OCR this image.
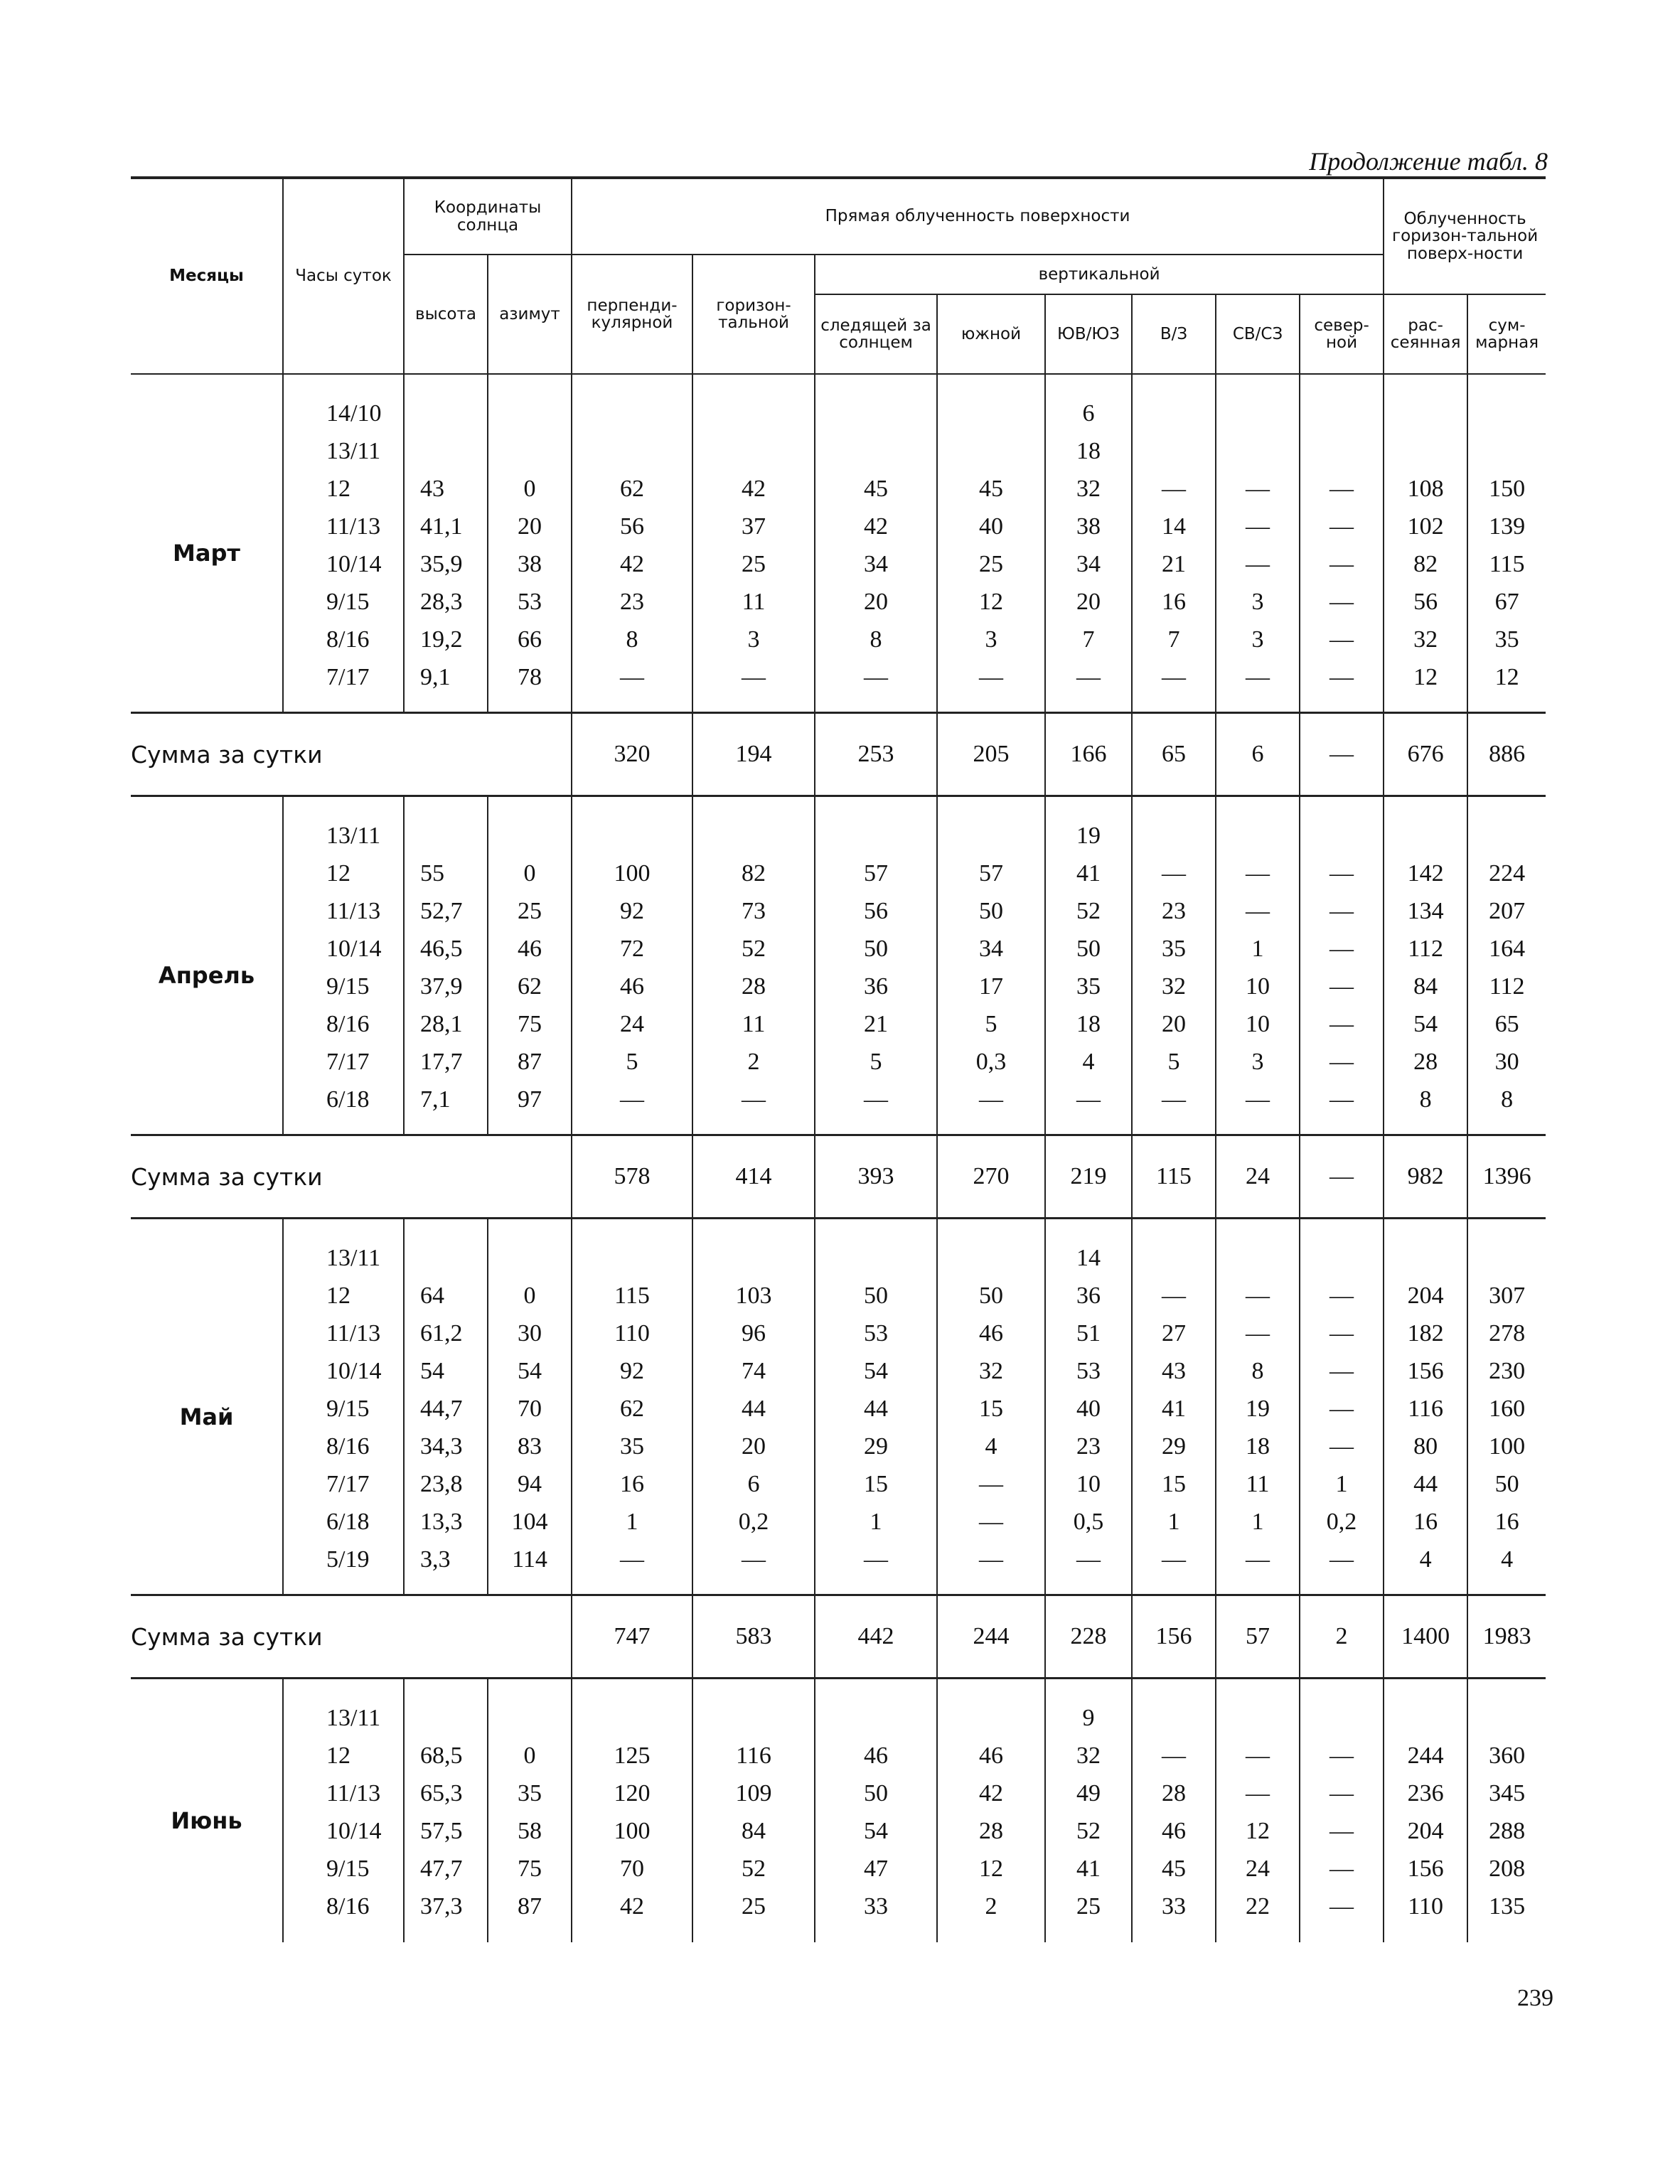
Продолжение табл. 8
Месяцы	Часы суток	Координаты солнца		Прямая облученность поверхности								Облученность горизон-тальной поверх-ности	
		высота	азимут	перпенди-кулярной	горизон-тальной	вертикальной							
						следящей за солнцем	южной	ЮВ/ЮЗ	В/З	СВ/СЗ	север-ной	рас-сеянная	сум-марная
Март	14/10							6					
	13/11							18					
	12	43	0	62	42	45	45	32	—	—	—	108	150
	11/13	41,1	20	56	37	42	40	38	14	—	—	102	139
	10/14	35,9	38	42	25	34	25	34	21	—	—	82	115
	9/15	28,3	53	23	11	20	12	20	16	3	—	56	67
	8/16	19,2	66	8	3	8	3	7	7	3	—	32	35
	7/17	9,1	78	—	—	—	—	—	—	—	—	12	12
Сумма за сутки				320	194	253	205	166	65	6	—	676	886
Апрель	13/11							19					
	12	55	0	100	82	57	57	41	—	—	—	142	224
	11/13	52,7	25	92	73	56	50	52	23	—	—	134	207
	10/14	46,5	46	72	52	50	34	50	35	1	—	112	164
	9/15	37,9	62	46	28	36	17	35	32	10	—	84	112
	8/16	28,1	75	24	11	21	5	18	20	10	—	54	65
	7/17	17,7	87	5	2	5	0,3	4	5	3	—	28	30
	6/18	7,1	97	—	—	—	—	—	—	—	—	8	8
Сумма за сутки				578	414	393	270	219	115	24	—	982	1396
Май	13/11							14					
	12	64	0	115	103	50	50	36	—	—	—	204	307
	11/13	61,2	30	110	96	53	46	51	27	—	—	182	278
	10/14	54	54	92	74	54	32	53	43	8	—	156	230
	9/15	44,7	70	62	44	44	15	40	41	19	—	116	160
	8/16	34,3	83	35	20	29	4	23	29	18	—	80	100
	7/17	23,8	94	16	6	15	—	10	15	11	1	44	50
	6/18	13,3	104	1	0,2	1	—	0,5	1	1	0,2	16	16
	5/19	3,3	114	—	—	—	—	—	—	—	—	4	4
Сумма за сутки				747	583	442	244	228	156	57	2	1400	1983
Июнь	13/11							9					
	12	68,5	0	125	116	46	46	32	—	—	—	244	360
	11/13	65,3	35	120	109	50	42	49	28	—	—	236	345
	10/14	57,5	58	100	84	54	28	52	46	12	—	204	288
	9/15	47,7	75	70	52	47	12	41	45	24	—	156	208
	8/16	37,3	87	42	25	33	2	25	33	22	—	110	135
239
